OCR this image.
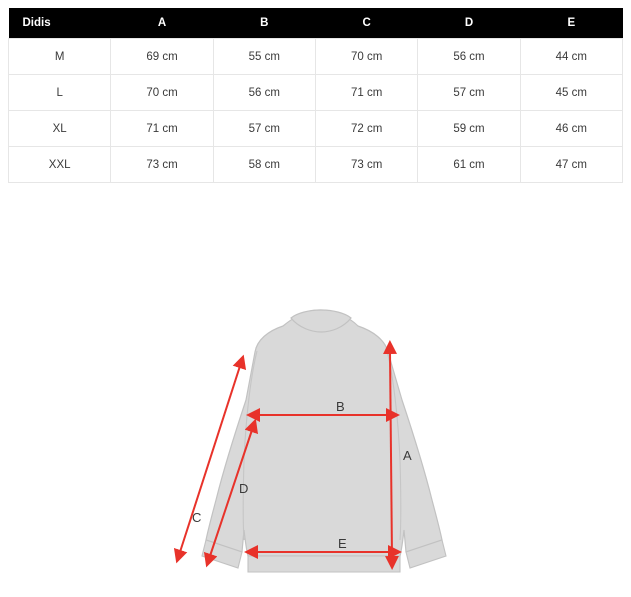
Didis	A	B	C	D	E
M	69 cm	55 cm	70 cm	56 cm	44 cm
L	70 cm	56 cm	71 cm	57 cm	45 cm
XL	71 cm	57 cm	72 cm	59 cm	46 cm
XXL	73 cm	58 cm	73 cm	61 cm	47 cm
A
B
C
D
E
